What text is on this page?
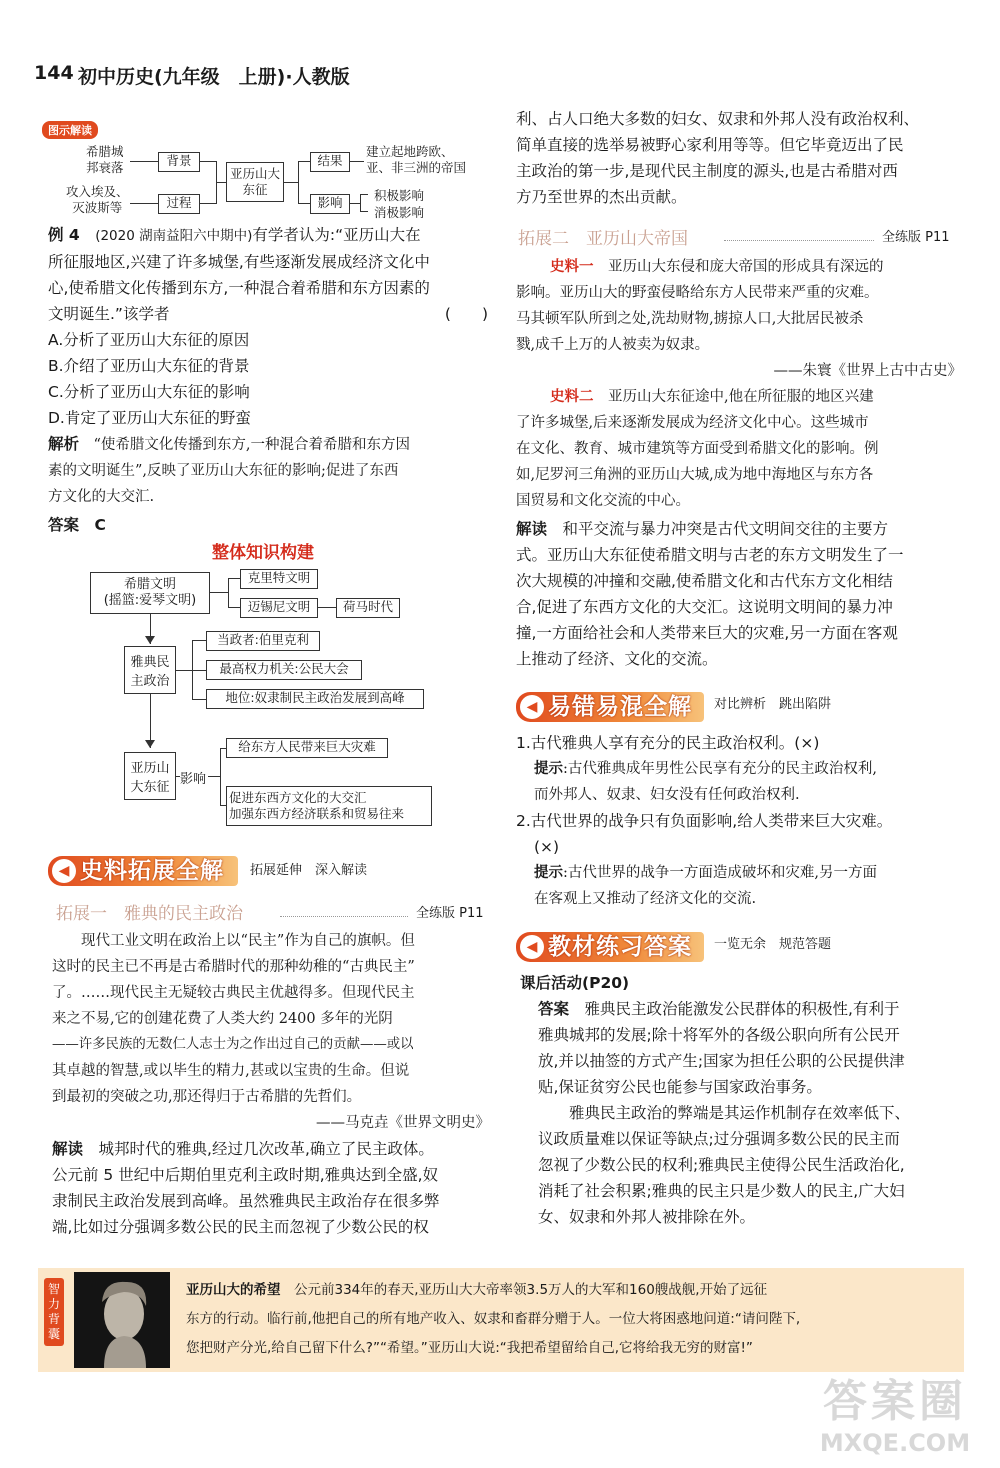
144 初中历史(九年级　上册)·人教版
图示解读
希腊城
邦衰落
攻入埃及、
灭波斯等
背景
过程
亚历山大
东征
结果
影响
建立起地跨欧、
亚、非三洲的帝国
积极影响
消极影响

例 4　 (2020 湖南益阳六中期中)有学者认为:“亚历山大在

所征服地区,兴建了许多城堡,有些逐渐发展成经济文化中

心,使希腊文化传播到东方,一种混合着希腊和东方因素的

文明诞生.”该学者	(　　)

A.分析了亚历山大东征的原因

B.介绍了亚历山大东征的背景

C.分析了亚历山大东征的影响

D.肯定了亚历山大东征的野蛮

解析　 “使希腊文化传播到东方,一种混合着希腊和东方因

素的文明诞生”,反映了亚历山大东征的影响;促进了东西

方文化的大交汇.

答案　 C

整体知识构建
希腊文明
(摇篮:爱琴文明)
克里特文明
迈锡尼文明	荷马时代
雅典民
主政治
当政者:伯里克利
最高权力机关:公民大会
地位:奴隶制民主政治发展到高峰
亚历山
大东征
影响
给东方人民带来巨大灾难
促进东西方文化的大交汇
加强东西方经济联系和贸易往来
◀ 史料拓展全解 拓展延伸　深入解读
拓展一　雅典的民主政治	全练版 P11
　　现代工业文明在政治上以“民主”作为自己的旗帜。但
这时的民主已不再是古希腊时代的那种幼稚的“古典民主”
了。……现代民主无疑较古典民主优越得多。但现代民主
来之不易,它的创建花费了人类大约 2400 多年的光阴
——许多民族的无数仁人志士为之作出过自己的贡献——或以
其卓越的智慧,或以毕生的精力,甚或以宝贵的生命。但说
到最初的突破之功,那还得归于古希腊的先哲们。
——马克垚《世界文明史》

解读　 城邦时代的雅典,经过几次改革,确立了民主政体。

公元前 5 世纪中后期伯里克利主政时期,雅典达到全盛,奴

隶制民主政治发展到高峰。虽然雅典民主政治存在很多弊

端,比如过分强调多数公民的民主而忽视了少数公民的权

利、占人口绝大多数的妇女、奴隶和外邦人没有政治权利、

简单直接的选举易被野心家利用等等。但它毕竟迈出了民

主政治的第一步,是现代民主制度的源头,也是古希腊对西

方乃至世界的杰出贡献。

拓展二　亚历山大帝国	全练版 P11
史料一　 亚历山大东侵和庞大帝国的形成具有深远的
影响。亚历山大的野蛮侵略给东方人民带来严重的灾难。
马其顿军队所到之处,洗劫财物,掳掠人口,大批居民被杀
戮,成千上万的人被卖为奴隶。
——朱寰《世界上古中古史》
史料二　 亚历山大东征途中,他在所征服的地区兴建
了许多城堡,后来逐渐发展成为经济文化中心。这些城市
在文化、教育、城市建筑等方面受到希腊文化的影响。例
如,尼罗河三角洲的亚历山大城,成为地中海地区与东方各
国贸易和文化交流的中心。

解读　 和平交流与暴力冲突是古代文明间交往的主要方

式。亚历山大东征使希腊文明与古老的东方文明发生了一

次大规模的冲撞和交融,使希腊文化和古代东方文化相结

合,促进了东西方文化的大交汇。这说明文明间的暴力冲

撞,一方面给社会和人类带来巨大的灾难,另一方面在客观

上推动了经济、文化的交流。

◀ 易错易混全解 对比辨析　跳出陷阱

1.古代雅典人享有充分的民主政治权利。(×)

提示:古代雅典成年男性公民享有充分的民主政治权利,

而外邦人、奴隶、妇女没有任何政治权利.

2.古代世界的战争只有负面影响,给人类带来巨大灾难。

(×)

提示:古代世界的战争一方面造成破坏和灾难,另一方面

在客观上又推动了经济文化的交流.

◀ 教材练习答案 一览无余　规范答题

课后活动(P20)

答案　 雅典民主政治能激发公民群体的积极性,有利于

雅典城邦的发展;除十将军外的各级公职向所有公民开

放,并以抽签的方式产生;国家为担任公职的公民提供津

贴,保证贫穷公民也能参与国家政治事务。

　　雅典民主政治的弊端是其运作机制存在效率低下、

议政质量难以保证等缺点;过分强调多数公民的民主而

忽视了少数公民的权利;雅典民主使得公民生活政治化,

消耗了社会积累;雅典的民主只是少数人的民主,广大妇

女、奴隶和外邦人被排除在外。

智力背囊
亚历山大的希望　 公元前334年的春天,亚历山大大帝率领3.5万人的大军和160艘战舰,开始了远征
东方的行动。临行前,他把自己的所有地产收入、奴隶和畜群分赠于人。一位大将困惑地问道:“请问陛下,
您把财产分光,给自己留下什么?”“希望。”亚历山大说:“我把希望留给自己,它将给我无穷的财富!”
答案圈
MXQE.COM
